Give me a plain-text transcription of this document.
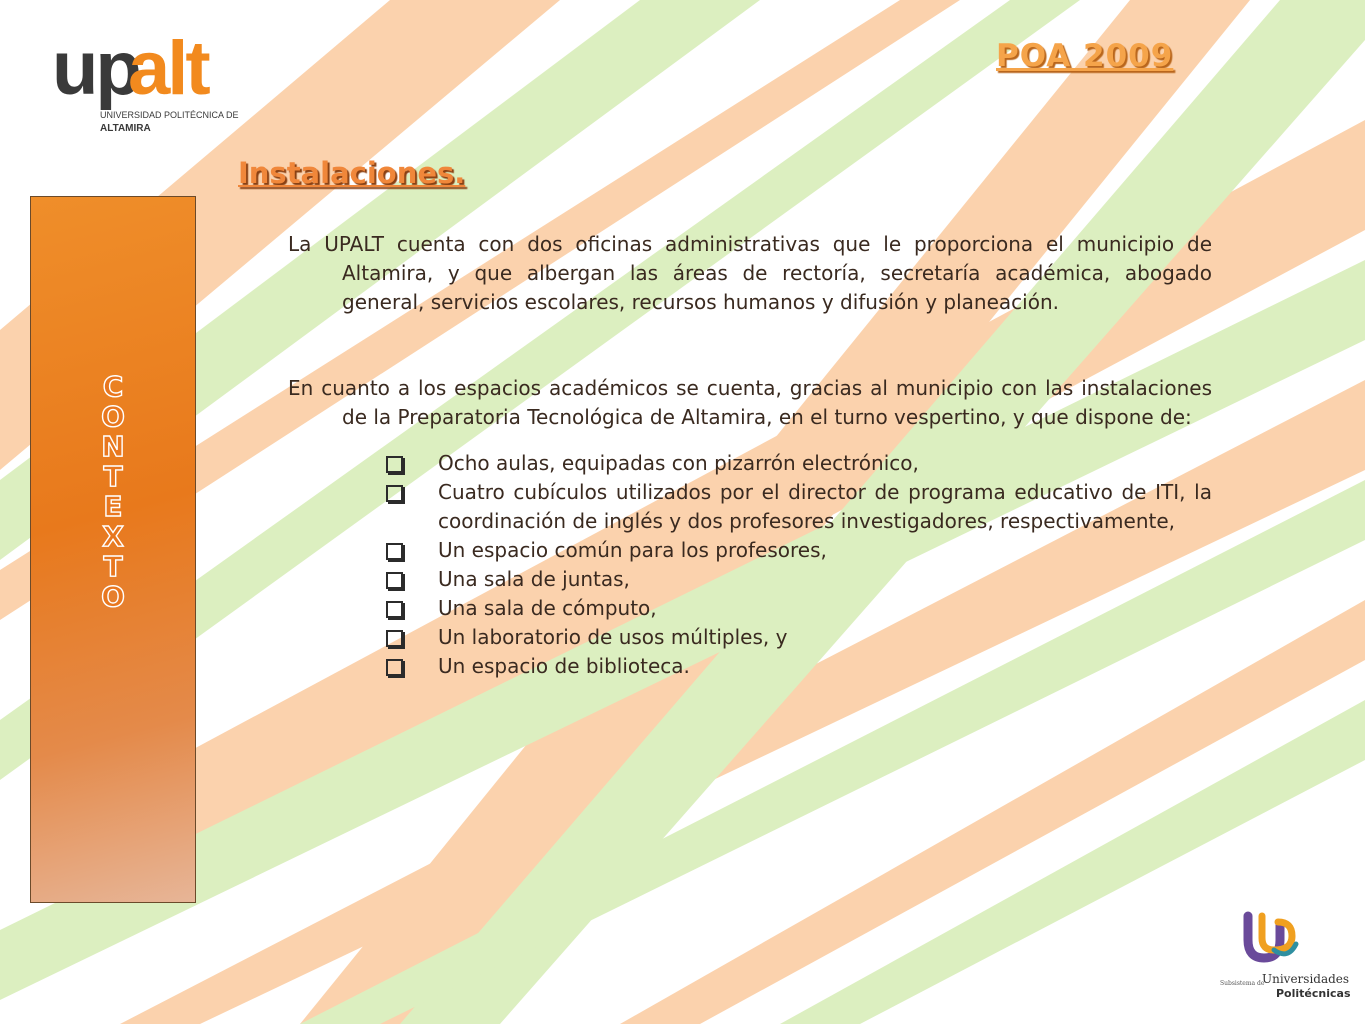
up
alt
UNIVERSIDAD POLITÉCNICA DE
ALTAMIRA
POA 2009
Instalaciones.
C
O
N
T
E
X
T
O

La UPALT cuenta con dos oficinas administrativas que le proporciona el municipio de Altamira, y que albergan las áreas de rectoría, secretaría académica, abogado general, servicios escolares, recursos humanos y difusión y planeación.

En cuanto a los espacios académicos se cuenta, gracias al municipio con las instalaciones de la Preparatoria Tecnológica de Altamira, en el turno vespertino, y que dispone de:

Ocho aulas, equipadas con pizarrón electrónico,
Cuatro cubículos utilizados por el director de programa educativo de ITI, la coordinación de inglés y dos profesores investigadores, respectivamente,
Un espacio común para los profesores,
Una sala de juntas,
Una sala de cómputo,
Un laboratorio de usos múltiples, y
Un espacio de biblioteca.
Subsistema de
Universidades
Politécnicas
